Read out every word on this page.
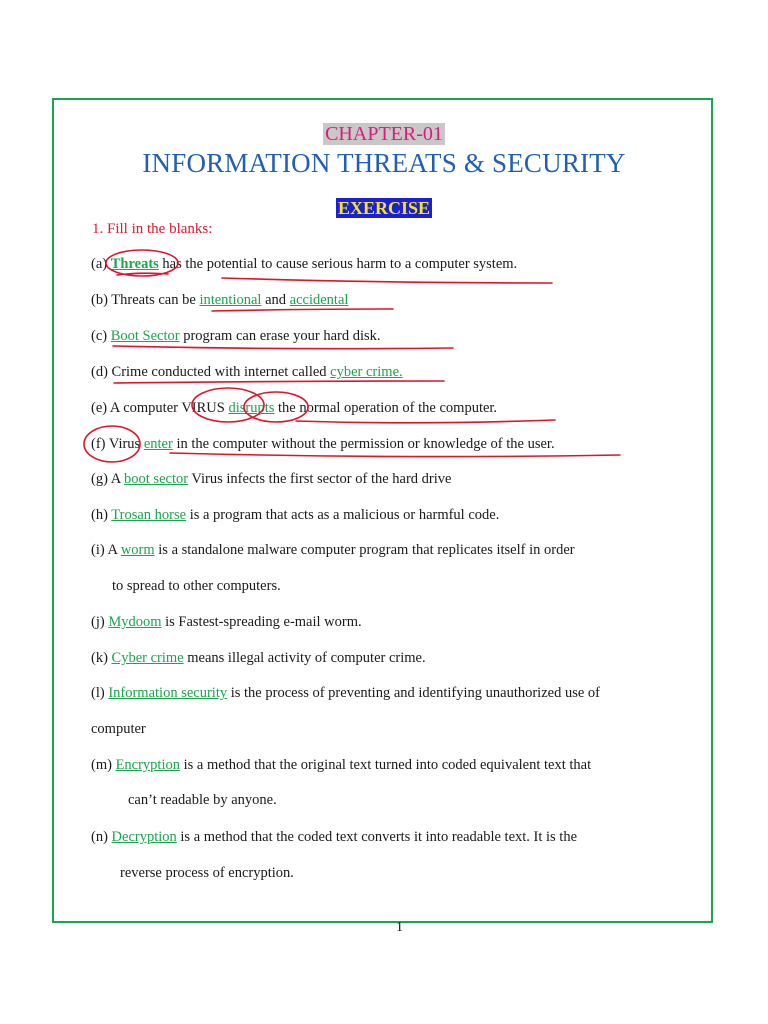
CHAPTER-01
INFORMATION THREATS & SECURITY
EXERCISE
1. Fill in the blanks:
(a) Threats has the potential to cause serious harm to a computer system.
(b) Threats can be intentional and accidental
(c) Boot Sector program can erase your hard disk.
(d) Crime conducted with internet called cyber crime.
(e) A computer VIRUS disrupts the normal operation of the computer.
(f) Virus enter in the computer without the permission or knowledge of the user.
(g) A boot sector Virus infects the first sector of the hard drive
(h) Trosan horse is a program that acts as a malicious or harmful code.
(i) A worm is a standalone malware computer program that replicates itself in order
to spread to other computers.
(j) Mydoom is Fastest-spreading e-mail worm.
(k) Cyber crime means illegal activity of computer crime.
(l) Information security is the process of preventing and identifying unauthorized use of
computer
(m) Encryption is a method that the original text turned into coded equivalent text that
can’t readable by anyone.
(n) Decryption is a method that the coded text converts it into readable text. It is the
reverse process of encryption.
1
